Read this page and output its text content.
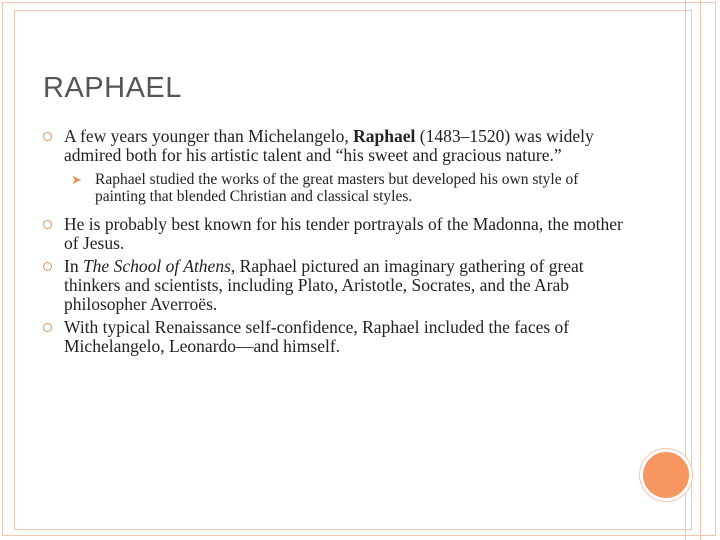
RAPHAEL
A few years younger than Michelangelo, Raphael (1483–1520) was widely admired both for his artistic talent and “his sweet and gracious nature.”
➤ Raphael studied the works of the great masters but developed his own style of painting that blended Christian and classical styles.
He is probably best known for his tender portrayals of the Madonna, the mother of Jesus.
In The School of Athens, Raphael pictured an imaginary gathering of great thinkers and scientists, including Plato, Aristotle, Socrates, and the Arab philosopher Averroës.
With typical Renaissance self-confidence, Raphael included the faces of Michelangelo, Leonardo—and himself.
